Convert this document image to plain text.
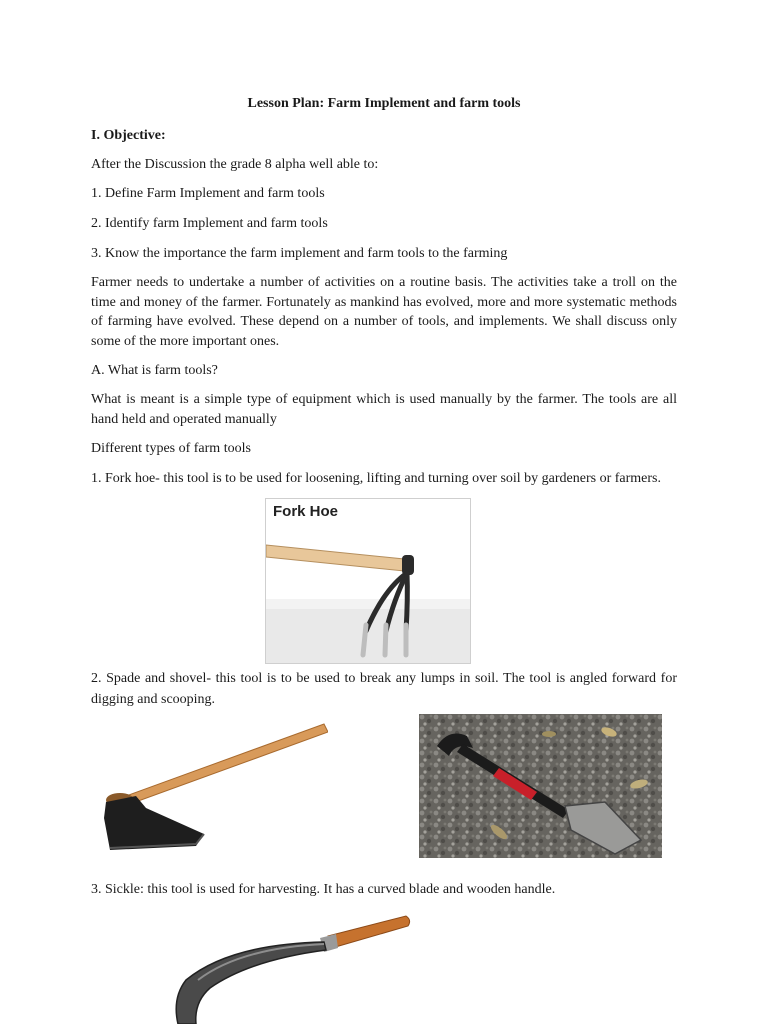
Lesson Plan: Farm Implement and farm tools

I. Objective:

After the Discussion the grade 8 alpha well able to:

1. Define Farm Implement and farm tools

2. Identify farm Implement and farm tools

3. Know the importance the farm implement and farm tools to the farming

Farmer needs to undertake a number of activities on a routine basis. The activities take a troll on the time and money of the farmer. Fortunately as mankind has evolved, more and more systematic methods of farming have evolved. These depend on a number of tools, and implements. We shall discuss only some of the more important ones.

A. What is farm tools?

What is meant is a simple type of equipment which is used manually by the farmer. The tools are all hand held and operated manually

Different types of farm tools

1. Fork hoe- this tool is to be used for loosening, lifting and turning over soil by gardeners or farmers.

Fork Hoe

2. Spade and shovel- this tool is to be used to break any lumps in soil. The tool is angled forward for digging and scooping.

3. Sickle: this tool is used for harvesting. It has a curved blade and wooden handle.
